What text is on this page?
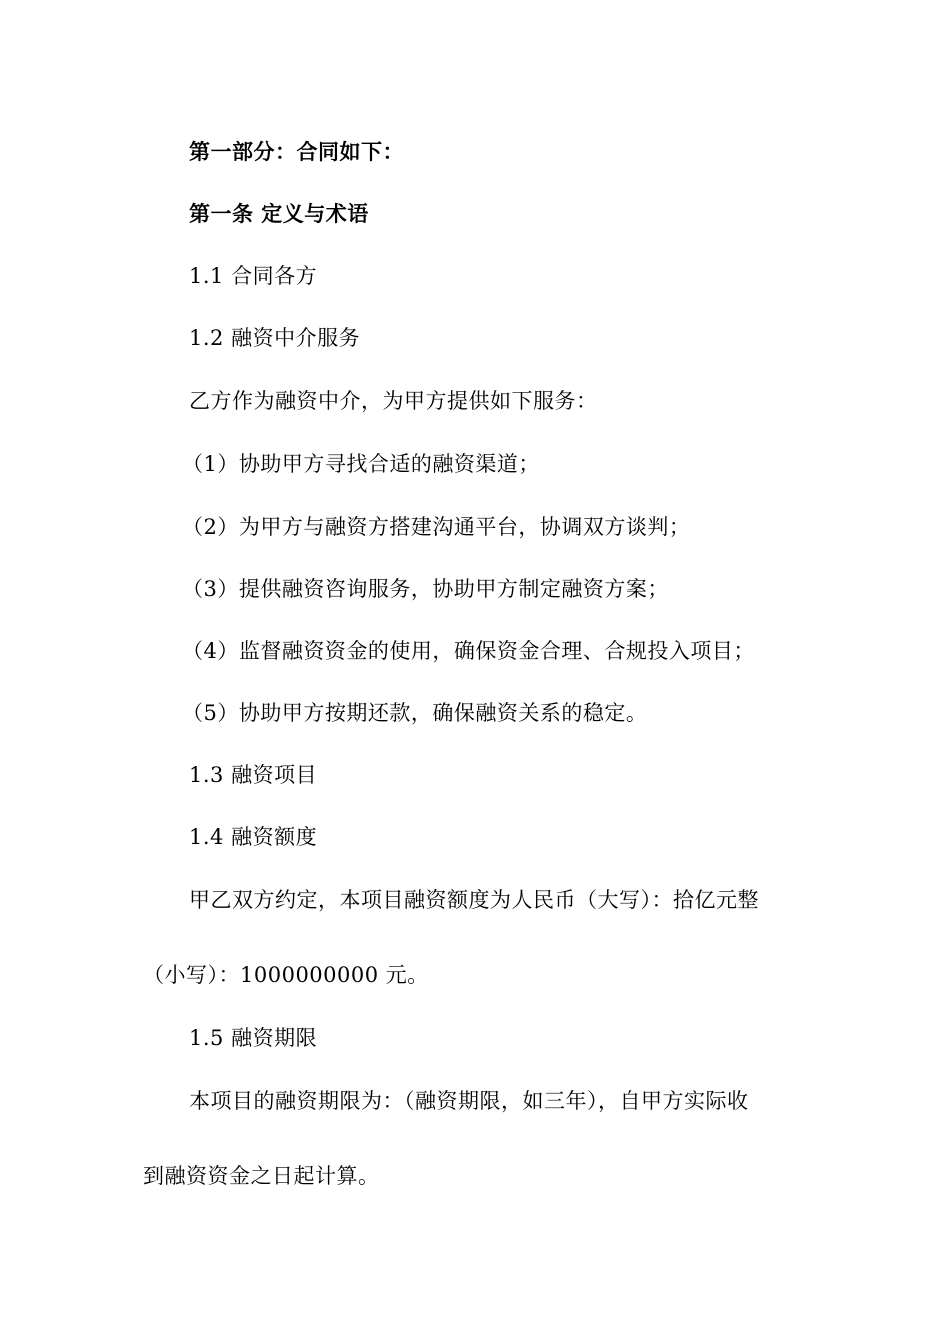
第一部分：合同如下：
第一条 定义与术语
1.1 合同各方
1.2 融资中介服务
乙方作为融资中介，为甲方提供如下服务：
（1）协助甲方寻找合适的融资渠道；
（2）为甲方与融资方搭建沟通平台，协调双方谈判；
（3）提供融资咨询服务，协助甲方制定融资方案；
（4）监督融资资金的使用，确保资金合理、合规投入项目；
（5）协助甲方按期还款，确保融资关系的稳定。
1.3 融资项目
1.4 融资额度
甲乙双方约定，本项目融资额度为人民币（大写）：拾亿元整
（小写）：1000000000 元。
1.5 融资期限
本项目的融资期限为：（融资期限，如三年），自甲方实际收
到融资资金之日起计算。
